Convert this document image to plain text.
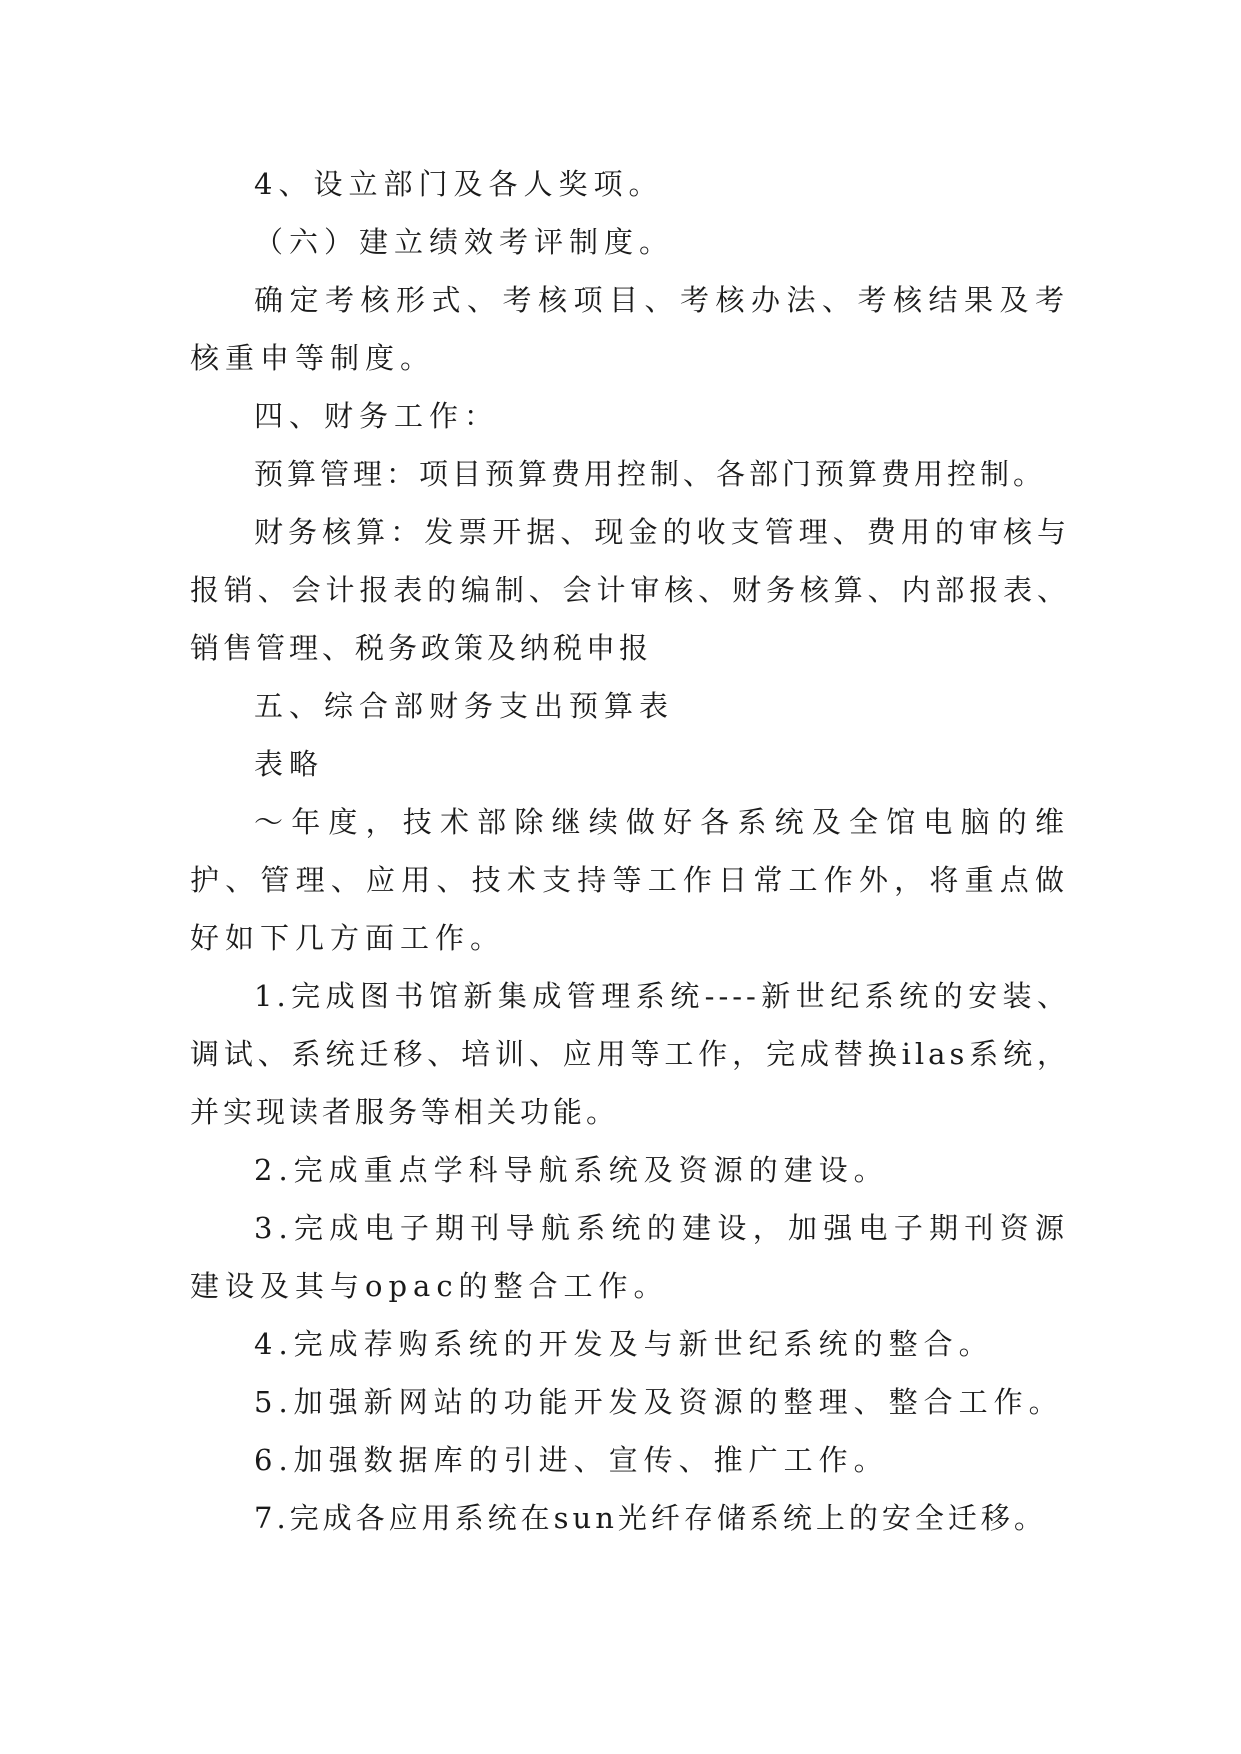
4、设立部门及各人奖项。

（六）建立绩效考评制度。

确定考核形式、考核项目、考核办法、考核结果及考核重申等制度。

四、财务工作：

预算管理：项目预算费用控制、各部门预算费用控制。

财务核算：发票开据、现金的收支管理、费用的审核与报销、会计报表的编制、会计审核、财务核算、内部报表、销售管理、税务政策及纳税申报

五、综合部财务支出预算表

表略

～年度，技术部除继续做好各系统及全馆电脑的维护、管理、应用、技术支持等工作日常工作外，将重点做好如下几方面工作。

1.完成图书馆新集成管理系统----新世纪系统的安装、调试、系统迁移、培训、应用等工作，完成替换ilas系统，并实现读者服务等相关功能。

2.完成重点学科导航系统及资源的建设。

3.完成电子期刊导航系统的建设，加强电子期刊资源建设及其与opac的整合工作。

4.完成荐购系统的开发及与新世纪系统的整合。

5.加强新网站的功能开发及资源的整理、整合工作。

6.加强数据库的引进、宣传、推广工作。

7.完成各应用系统在sun光纤存储系统上的安全迁移。
